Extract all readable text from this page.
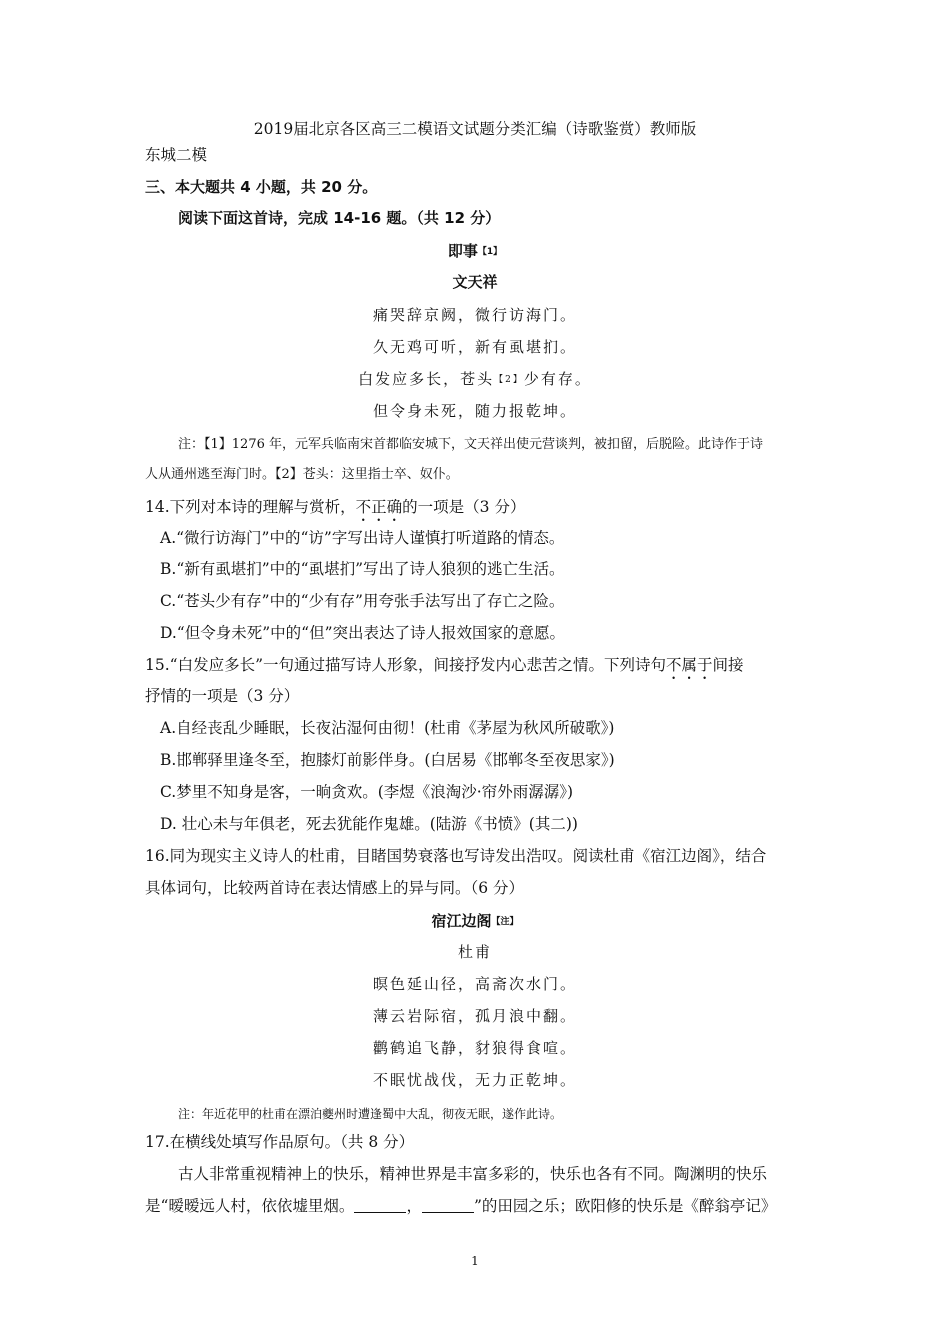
2019届北京各区高三二模语文试题分类汇编（诗歌鉴赏）教师版
东城二模
三、本大题共 4 小题，共 20 分。
阅读下面这首诗，完成 14-16 题。（共 12 分）
即事$^{【1】}$
文天祥
痛哭辞京阙，微行访海门。
久无鸡可听，新有虱堪扪。
白发应多长，苍头$^{【2】}$少有存。
但令身未死，随力报乾坤。
注：【1】1276 年，元军兵临南宋首都临安城下，文天祥出使元营谈判，被扣留，后脱险。此诗作于诗
人从通州逃至海门时。【2】苍头：这里指士卒、奴仆。
14.下列对本诗的理解与赏析，不正确的一项是（3 分）
A.“微行访海门”中的“访”字写出诗人谨慎打听道路的情态。
B.“新有虱堪扪”中的“虱堪扪”写出了诗人狼狈的逃亡生活。
C.“苍头少有存”中的“少有存”用夸张手法写出了存亡之险。
D.“但令身未死”中的“但”突出表达了诗人报效国家的意愿。
15.“白发应多长”一句通过描写诗人形象，间接抒发内心悲苦之情。下列诗句不属于间接
抒情的一项是（3 分）
A.自经丧乱少睡眠，长夜沾湿何由彻！(杜甫《茅屋为秋风所破歌》)
B.邯郸驿里逢冬至，抱膝灯前影伴身。(白居易《邯郸冬至夜思家》)
C.梦里不知身是客，一晌贪欢。(李煜《浪淘沙·帘外雨潺潺》)
D. 壮心未与年俱老，死去犹能作鬼雄。(陆游《书愤》(其二))
16.同为现实主义诗人的杜甫，目睹国势衰落也写诗发出浩叹。阅读杜甫《宿江边阁》，结合
具体词句，比较两首诗在表达情感上的异与同。（6 分）
宿江边阁$^{【注】}$
杜甫
暝色延山径，高斋次水门。
薄云岩际宿，孤月浪中翻。
鹳鹤追飞静，豺狼得食喧。
不眠忧战伐，无力正乾坤。
注：年近花甲的杜甫在漂泊夔州时遭逢蜀中大乱，彻夜无眠，遂作此诗。
17.在横线处填写作品原句。（共 8 分）
古人非常重视精神上的快乐，精神世界是丰富多彩的，快乐也各有不同。陶渊明的快乐
是“暧暧远人村，依依墟里烟。	，	”的田园之乐；欧阳修的快乐是《醉翁亭记》
1
